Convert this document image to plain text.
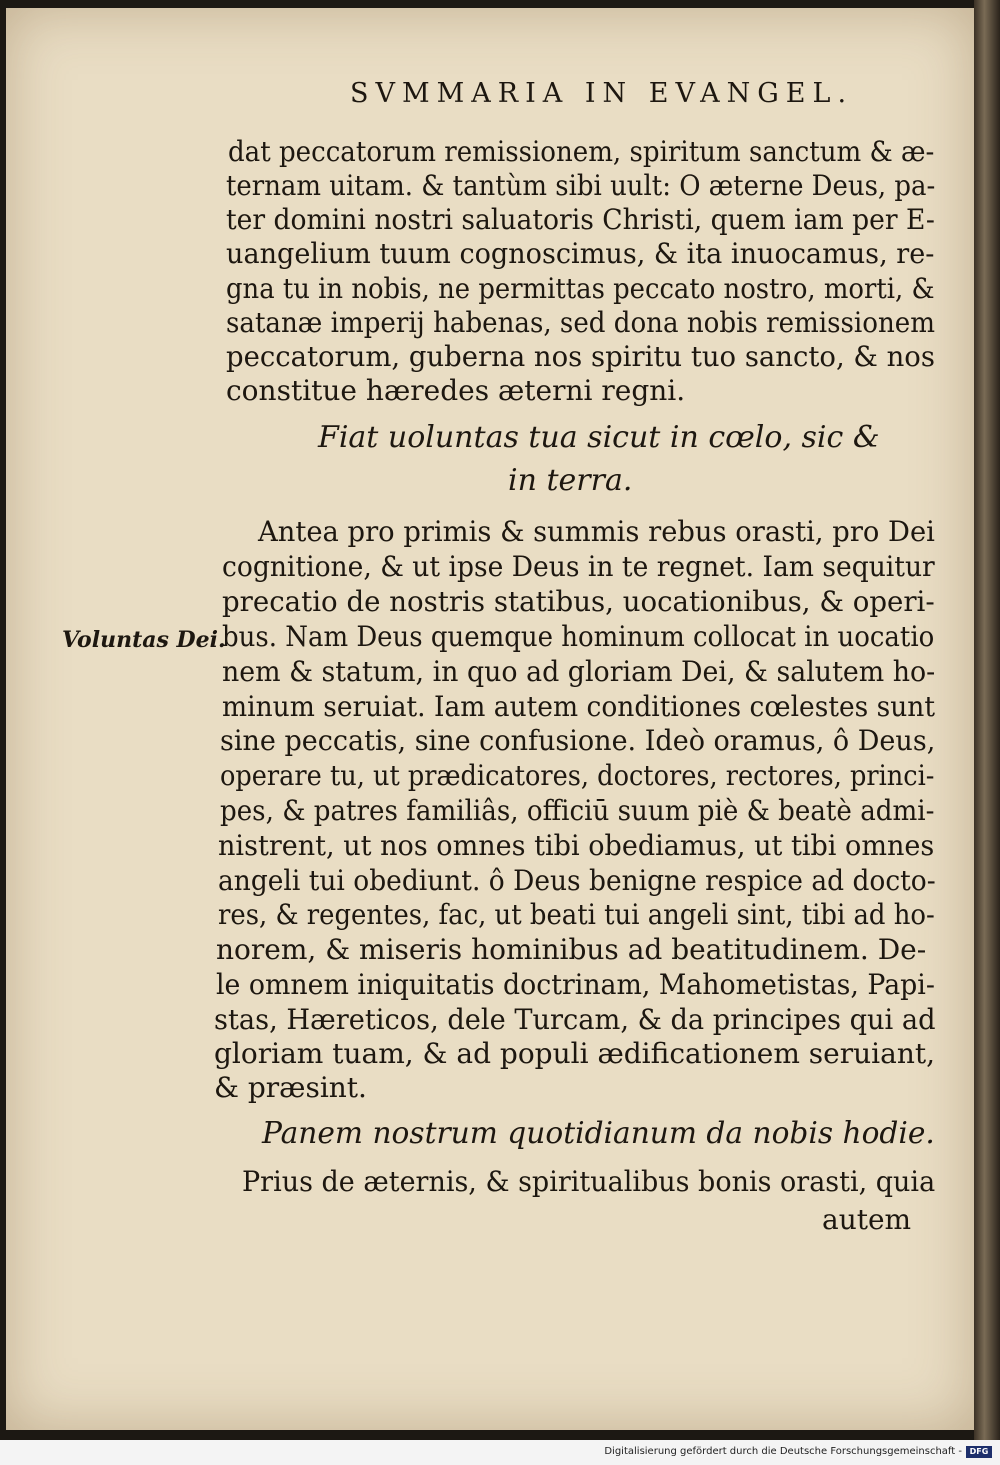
SVMMARIA IN EVANGEL.
dat peccatorum remissionem, spiritum sanctum & æ-
ternam uitam. & tantùm sibi uult: O æterne Deus, pa-
ter domini nostri saluatoris Christi, quem iam per E-
uangelium tuum cognoscimus, & ita inuocamus, re-
gna tu in nobis, ne permittas peccato nostro, morti, &
satanæ imperij habenas, sed dona nobis remissionem
peccatorum, guberna nos spiritu tuo sancto, & nos
constitue hæredes æterni regni.
Fiat uoluntas tua sicut in cœlo, sic &
in terra.
Antea pro primis & summis rebus orasti, pro Dei
cognitione, & ut ipse Deus in te regnet. Iam sequitur
precatio de nostris statibus, uocationibus, & operi-
bus. Nam Deus quemque hominum collocat in uocatio
nem & statum, in quo ad gloriam Dei, & salutem ho-
minum seruiat. Iam autem conditiones cœlestes sunt
sine peccatis, sine confusione. Ideò oramus, ô Deus,
operare tu, ut prædicatores, doctores, rectores, princi-
pes, & patres familiâs, officiū suum piè & beatè admi-
nistrent, ut nos omnes tibi obediamus, ut tibi omnes
angeli tui obediunt. ô Deus benigne respice ad docto-
res, & regentes, fac, ut beati tui angeli sint, tibi ad ho-
norem, & miseris hominibus ad beatitudinem. De-
le omnem iniquitatis doctrinam, Mahometistas, Papi-
stas, Hæreticos, dele Turcam, & da principes qui ad
gloriam tuam, & ad populi ædificationem seruiant,
& præsint.
Panem nostrum quotidianum da nobis hodie.
Prius de æternis, & spiritualibus bonis orasti, quia
Voluntas Dei.
autem
Digitalisierung gefördert durch die Deutsche Forschungsgemeinschaft - DFG
